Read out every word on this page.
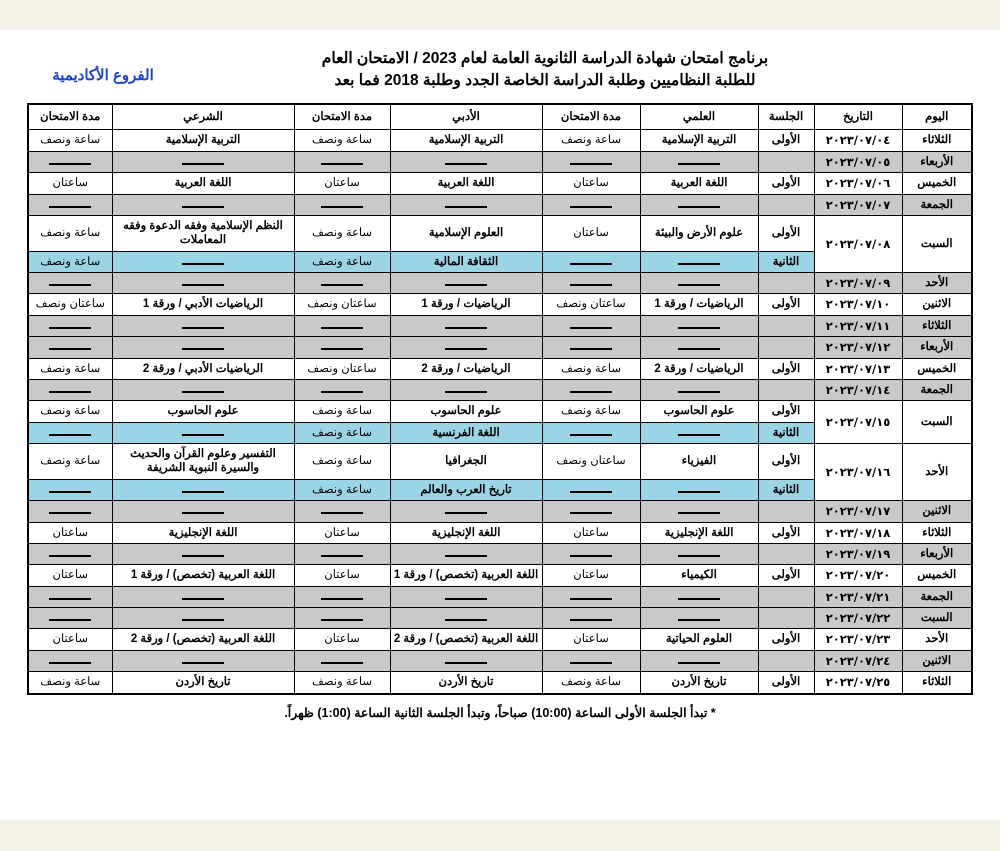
برنامج امتحان شهادة الدراسة الثانوية العامة لعام 2023 / الامتحان العام
للطلبة النظاميين وطلبة الدراسة الخاصة الجدد وطلبة 2018 فما بعد
الفروع الأكاديمية
اليوم	التاريخ	الجلسة	العلمي	مدة الامتحان	الأدبي	مدة الامتحان	الشرعي	مدة الامتحان
الثلاثاء	٢٠٢٣/٠٧/٠٤	الأولى	التربية الإسلامية	ساعة ونصف	التربية الإسلامية	ساعة ونصف	التربية الإسلامية	ساعة ونصف
الأربعاء	٢٠٢٣/٠٧/٠٥							
الخميس	٢٠٢٣/٠٧/٠٦	الأولى	اللغة العربية	ساعتان	اللغة العربية	ساعتان	اللغة العربية	ساعتان
الجمعة	٢٠٢٣/٠٧/٠٧							
السبت	٢٠٢٣/٠٧/٠٨	الأولى	علوم الأرض والبيئة	ساعتان	العلوم الإسلامية	ساعة ونصف	النظم الإسلامية وفقه الدعوة وفقه المعاملات	ساعة ونصف
		الثانية			الثقافة المالية	ساعة ونصف		ساعة ونصف
الأحد	٢٠٢٣/٠٧/٠٩							
الاثنين	٢٠٢٣/٠٧/١٠	الأولى	الرياضيات / ورقة 1	ساعتان ونصف	الرياضيات / ورقة 1	ساعتان ونصف	الرياضيات الأدبي / ورقة 1	ساعتان ونصف
الثلاثاء	٢٠٢٣/٠٧/١١							
الأربعاء	٢٠٢٣/٠٧/١٢							
الخميس	٢٠٢٣/٠٧/١٣	الأولى	الرياضيات / ورقة 2	ساعة ونصف	الرياضيات / ورقة 2	ساعتان ونصف	الرياضيات الأدبي / ورقة 2	ساعة ونصف
الجمعة	٢٠٢٣/٠٧/١٤							
السبت	٢٠٢٣/٠٧/١٥	الأولى	علوم الحاسوب	ساعة ونصف	علوم الحاسوب	ساعة ونصف	علوم الحاسوب	ساعة ونصف
		الثانية			اللغة الفرنسية	ساعة ونصف		
الأحد	٢٠٢٣/٠٧/١٦	الأولى	الفيزياء	ساعتان ونصف	الجغرافيا	ساعة ونصف	التفسير وعلوم القرآن والحديث والسيرة النبوية الشريفة	ساعة ونصف
		الثانية			تاريخ العرب والعالم	ساعة ونصف		
الاثنين	٢٠٢٣/٠٧/١٧							
الثلاثاء	٢٠٢٣/٠٧/١٨	الأولى	اللغة الإنجليزية	ساعتان	اللغة الإنجليزية	ساعتان	اللغة الإنجليزية	ساعتان
الأربعاء	٢٠٢٣/٠٧/١٩							
الخميس	٢٠٢٣/٠٧/٢٠	الأولى	الكيمياء	ساعتان	اللغة العربية (تخصص) / ورقة 1	ساعتان	اللغة العربية (تخصص) / ورقة 1	ساعتان
الجمعة	٢٠٢٣/٠٧/٢١							
السبت	٢٠٢٣/٠٧/٢٢							
الأحد	٢٠٢٣/٠٧/٢٣	الأولى	العلوم الحياتية	ساعتان	اللغة العربية (تخصص) / ورقة 2	ساعتان	اللغة العربية (تخصص) / ورقة 2	ساعتان
الاثنين	٢٠٢٣/٠٧/٢٤							
الثلاثاء	٢٠٢٣/٠٧/٢٥	الأولى	تاريخ الأردن	ساعة ونصف	تاريخ الأردن	ساعة ونصف	تاريخ الأردن	ساعة ونصف
* تبدأ الجلسة الأولى الساعة (10:00) صباحاً، وتبدأ الجلسة الثانية الساعة (1:00) ظهراً.
